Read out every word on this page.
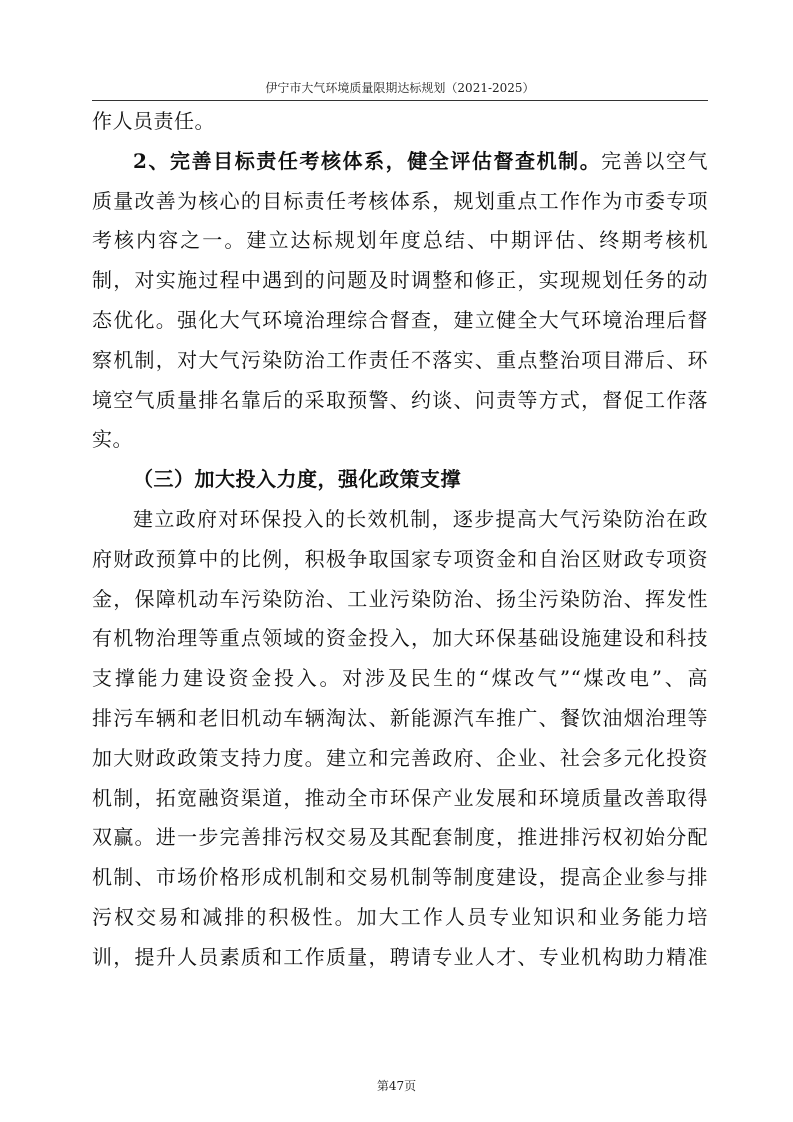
伊宁市大气环境质量限期达标规划（2021-2025）
作人员责任。
2、完善目标责任考核体系，健全评估督查机制。完善以空气
质量改善为核心的目标责任考核体系，规划重点工作作为市委专项
考核内容之一。建立达标规划年度总结、中期评估、终期考核机
制，对实施过程中遇到的问题及时调整和修正，实现规划任务的动
态优化。强化大气环境治理综合督查，建立健全大气环境治理后督
察机制，对大气污染防治工作责任不落实、重点整治项目滞后、环
境空气质量排名靠后的采取预警、约谈、问责等方式，督促工作落
实。
（三）加大投入力度，强化政策支撑
建立政府对环保投入的长效机制，逐步提高大气污染防治在政
府财政预算中的比例，积极争取国家专项资金和自治区财政专项资
金，保障机动车污染防治、工业污染防治、扬尘污染防治、挥发性
有机物治理等重点领域的资金投入，加大环保基础设施建设和科技
支撑能力建设资金投入。对涉及民生的“煤改气”“煤改电”、高
排污车辆和老旧机动车辆淘汰、新能源汽车推广、餐饮油烟治理等
加大财政政策支持力度。建立和完善政府、企业、社会多元化投资
机制，拓宽融资渠道，推动全市环保产业发展和环境质量改善取得
双赢。进一步完善排污权交易及其配套制度，推进排污权初始分配
机制、市场价格形成机制和交易机制等制度建设，提高企业参与排
污权交易和减排的积极性。加大工作人员专业知识和业务能力培
训，提升人员素质和工作质量，聘请专业人才、专业机构助力精准
第47页
